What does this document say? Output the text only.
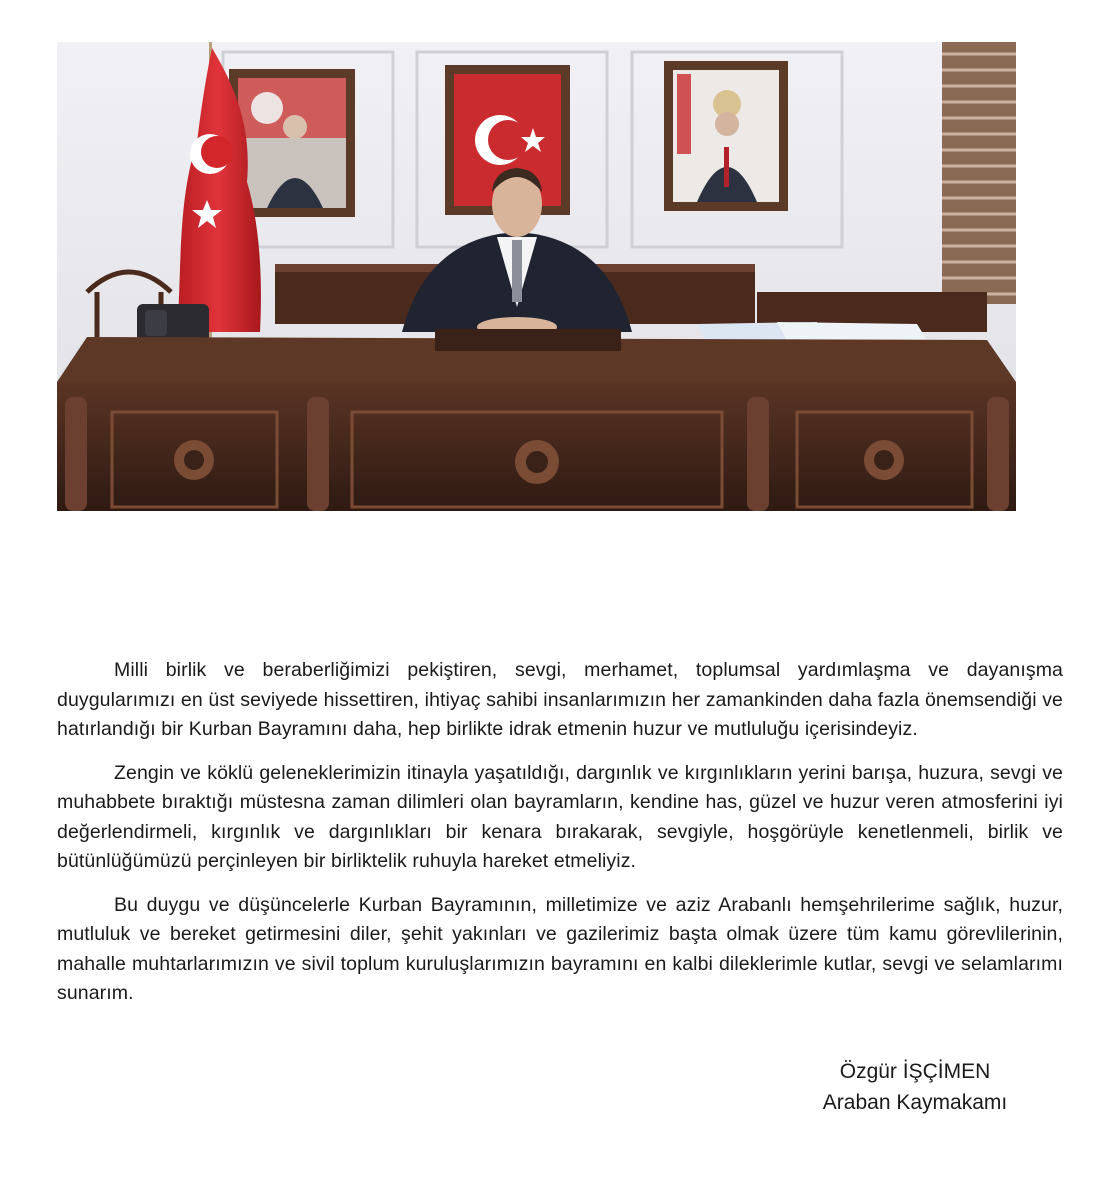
Milli birlik ve beraberliğimizi pekiştiren, sevgi, merhamet, toplumsal yardımlaşma ve dayanışma duygularımızı en üst seviyede hissettiren, ihtiyaç sahibi insanlarımızın her zamankinden daha fazla önemsendiği ve hatırlandığı bir Kurban Bayramını daha, hep birlikte idrak etmenin huzur ve mutluluğu içerisindeyiz.

Zengin ve köklü geleneklerimizin itinayla yaşatıldığı, dargınlık ve kırgınlıkların yerini barışa, huzura, sevgi ve muhabbete bıraktığı müstesna zaman dilimleri olan bayramların, kendine has, güzel ve huzur veren atmosferini iyi değerlendirmeli, kırgınlık ve dargınlıkları bir kenara bırakarak, sevgiyle, hoşgörüyle kenetlenmeli, birlik ve bütünlüğümüzü perçinleyen bir birliktelik ruhuyla hareket etmeliyiz.

Bu duygu ve düşüncelerle Kurban Bayramının, milletimize ve aziz Arabanlı hemşehrilerime sağlık, huzur, mutluluk ve bereket getirmesini diler, şehit yakınları ve gazilerimiz başta olmak üzere tüm kamu görevlilerinin, mahalle muhtarlarımızın ve sivil toplum kuruluşlarımızın bayramını en kalbi dileklerimle kutlar, sevgi ve selamlarımı sunarım.

Özgür İŞÇİMEN
Araban Kaymakamı
